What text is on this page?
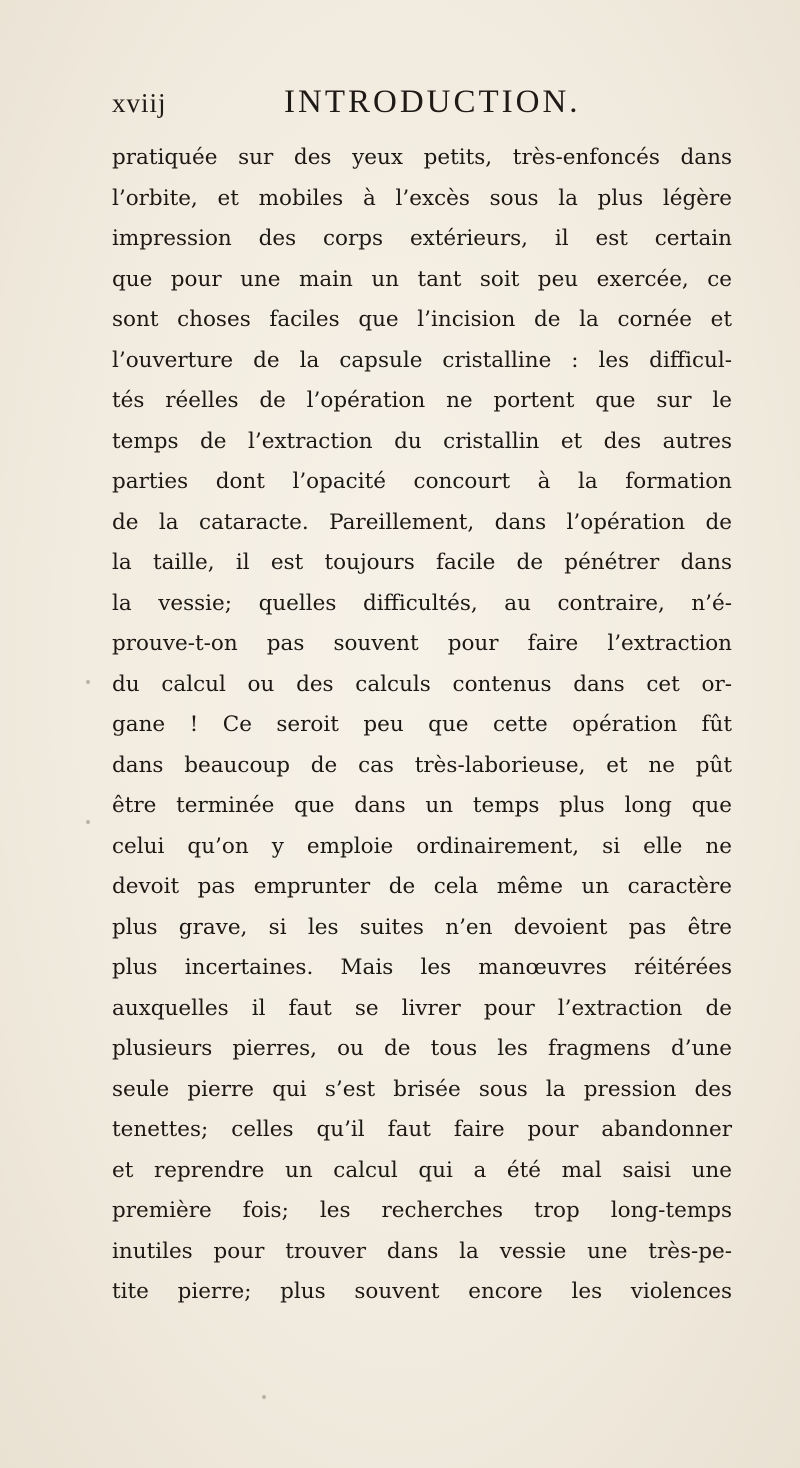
xviij	INTRODUCTION.
pratiquée sur des yeux petits, très-enfoncés dans
l’orbite, et mobiles à l’excès sous la plus légère
impression des corps extérieurs, il est certain
que pour une main un tant soit peu exercée, ce
sont choses faciles que l’incision de la cornée et
l’ouverture de la capsule cristalline : les difficul-
tés réelles de l’opération ne portent que sur le
temps de l’extraction du cristallin et des autres
parties dont l’opacité concourt à la formation
de la cataracte. Pareillement, dans l’opération de
la taille, il est toujours facile de pénétrer dans
la vessie; quelles difficultés, au contraire, n’é-
prouve-t-on pas souvent pour faire l’extraction
du calcul ou des calculs contenus dans cet or-
gane ! Ce seroit peu que cette opération fût
dans beaucoup de cas très-laborieuse, et ne pût
être terminée que dans un temps plus long que
celui qu’on y emploie ordinairement, si elle ne
devoit pas emprunter de cela même un caractère
plus grave, si les suites n’en devoient pas être
plus incertaines. Mais les manœuvres réitérées
auxquelles il faut se livrer pour l’extraction de
plusieurs pierres, ou de tous les fragmens d’une
seule pierre qui s’est brisée sous la pression des
tenettes; celles qu’il faut faire pour abandonner
et reprendre un calcul qui a été mal saisi une
première fois; les recherches trop long-temps
inutiles pour trouver dans la vessie une très-pe-
tite pierre; plus souvent encore les violences
